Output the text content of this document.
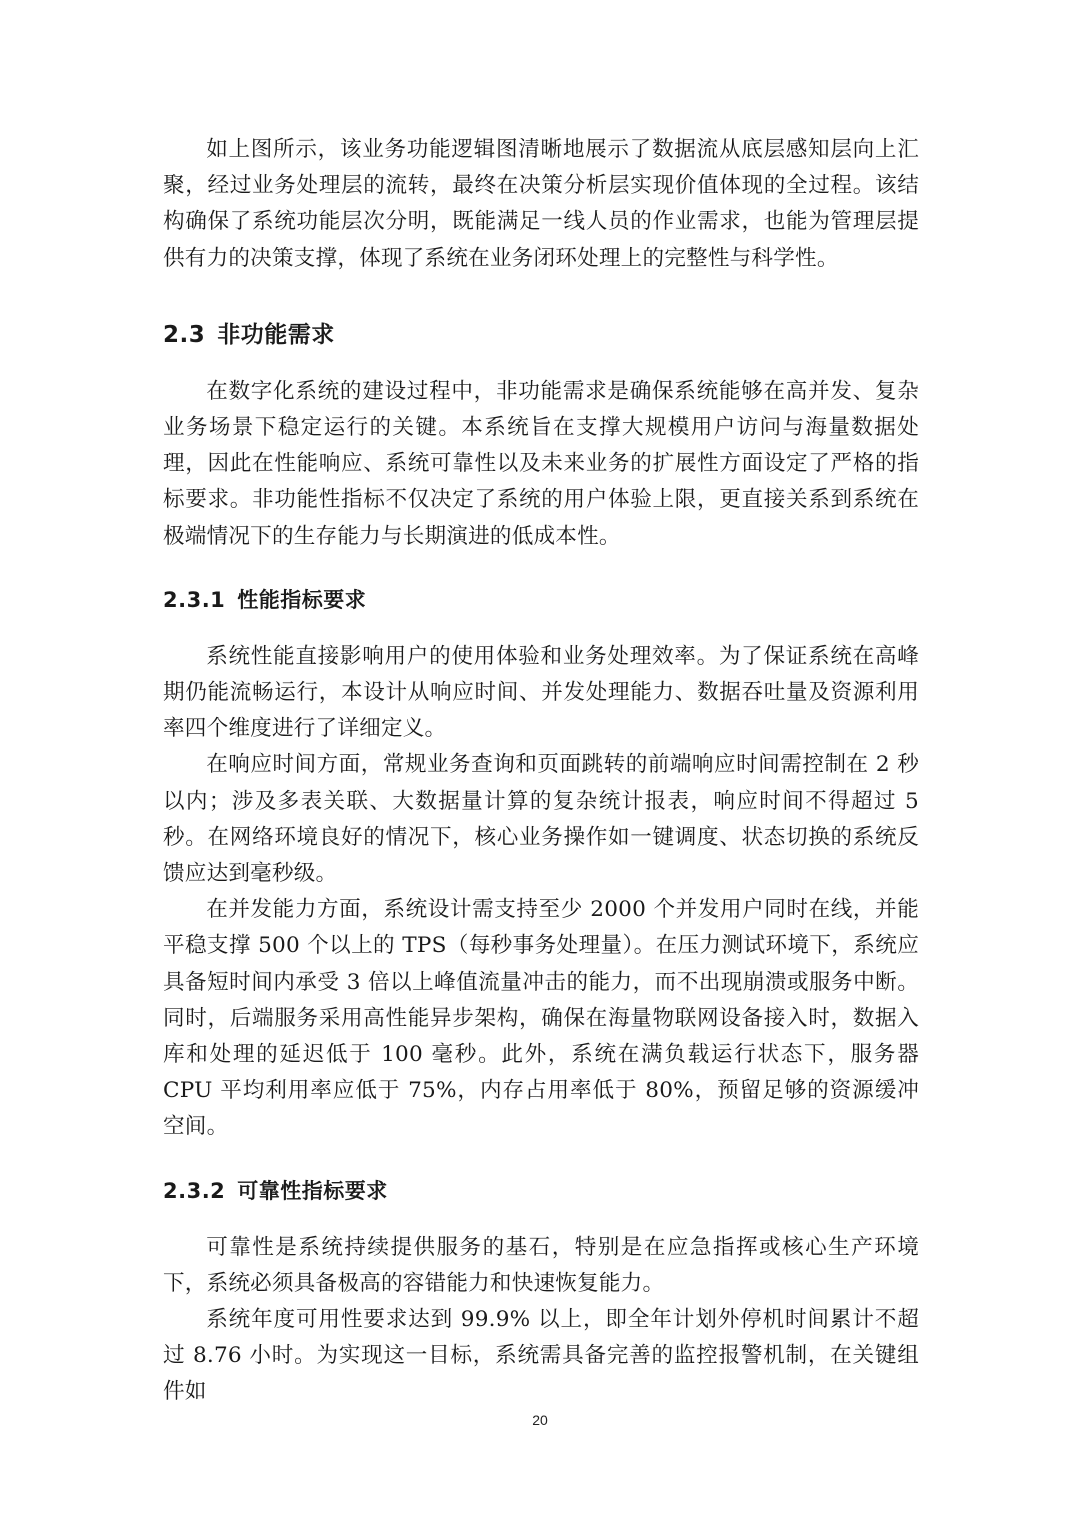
如上图所示，该业务功能逻辑图清晰地展示了数据流从底层感知层向上汇聚，经过业务处理层的流转，最终在决策分析层实现价值体现的全过程。该结构确保了系统功能层次分明，既能满足一线人员的作业需求，也能为管理层提供有力的决策支撑，体现了系统在业务闭环处理上的完整性与科学性。

2.3 非功能需求

在数字化系统的建设过程中，非功能需求是确保系统能够在高并发、复杂业务场景下稳定运行的关键。本系统旨在支撑大规模用户访问与海量数据处理，因此在性能响应、系统可靠性以及未来业务的扩展性方面设定了严格的指标要求。非功能性指标不仅决定了系统的用户体验上限，更直接关系到系统在极端情况下的生存能力与长期演进的低成本性。

2.3.1 性能指标要求

系统性能直接影响用户的使用体验和业务处理效率。为了保证系统在高峰期仍能流畅运行，本设计从响应时间、并发处理能力、数据吞吐量及资源利用率四个维度进行了详细定义。

在响应时间方面，常规业务查询和页面跳转的前端响应时间需控制在 2 秒以内；涉及多表关联、大数据量计算的复杂统计报表，响应时间不得超过 5 秒。在网络环境良好的情况下，核心业务操作如一键调度、状态切换的系统反馈应达到毫秒级。

在并发能力方面，系统设计需支持至少 2000 个并发用户同时在线，并能平稳支撑 500 个以上的 TPS（每秒事务处理量）。在压力测试环境下，系统应具备短时间内承受 3 倍以上峰值流量冲击的能力，而不出现崩溃或服务中断。同时，后端服务采用高性能异步架构，确保在海量物联网设备接入时，数据入库和处理的延迟低于 100 毫秒。此外，系统在满负载运行状态下，服务器 CPU 平均利用率应低于 75%，内存占用率低于 80%，预留足够的资源缓冲空间。

2.3.2 可靠性指标要求

可靠性是系统持续提供服务的基石，特别是在应急指挥或核心生产环境下，系统必须具备极高的容错能力和快速恢复能力。

系统年度可用性要求达到 99.9% 以上，即全年计划外停机时间累计不超过 8.76 小时。为实现这一目标，系统需具备完善的监控报警机制，在关键组件如

20
